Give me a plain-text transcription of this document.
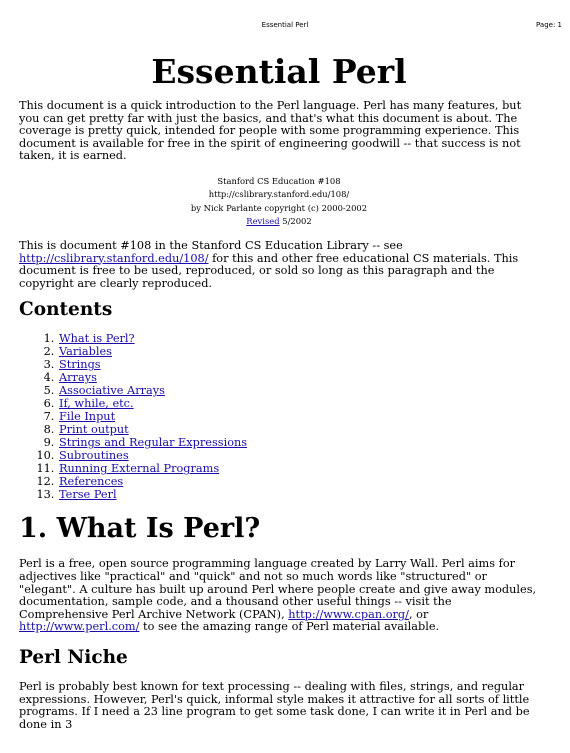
Essential Perl	Page: 1
Essential Perl

This document is a quick introduction to the Perl language. Perl has many features, but you can get pretty far with just the basics, and that's what this document is about. The coverage is pretty quick, intended for people with some programming experience. This document is available for free in the spirit of engineering goodwill -- that success is not taken, it is earned.

Stanford CS Education #108
http://cslibrary.stanford.edu/108/
by Nick Parlante copyright (c) 2000-2002
Revised 5/2002

This is document #108 in the Stanford CS Education Library -- see http://cslibrary.stanford.edu/108/ for this and other free educational CS materials. This document is free to be used, reproduced, or sold so long as this paragraph and the copyright are clearly reproduced.

Contents
1. What is Perl?
2. Variables
3. Strings
4. Arrays
5. Associative Arrays
6. If, while, etc.
7. File Input
8. Print output
9. Strings and Regular Expressions
10. Subroutines
11. Running External Programs
12. References
13. Terse Perl
1. What Is Perl?

Perl is a free, open source programming language created by Larry Wall. Perl aims for adjectives like "practical" and "quick" and not so much words like "structured" or "elegant". A culture has built up around Perl where people create and give away modules, documentation, sample code, and a thousand other useful things -- visit the Comprehensive Perl Archive Network (CPAN), http://www.cpan.org/, or http://www.perl.com/ to see the amazing range of Perl material available.

Perl Niche

Perl is probably best known for text processing -- dealing with files, strings, and regular expressions. However, Perl's quick, informal style makes it attractive for all sorts of little programs. If I need a 23 line program to get some task done, I can write it in Perl and be done in 3
